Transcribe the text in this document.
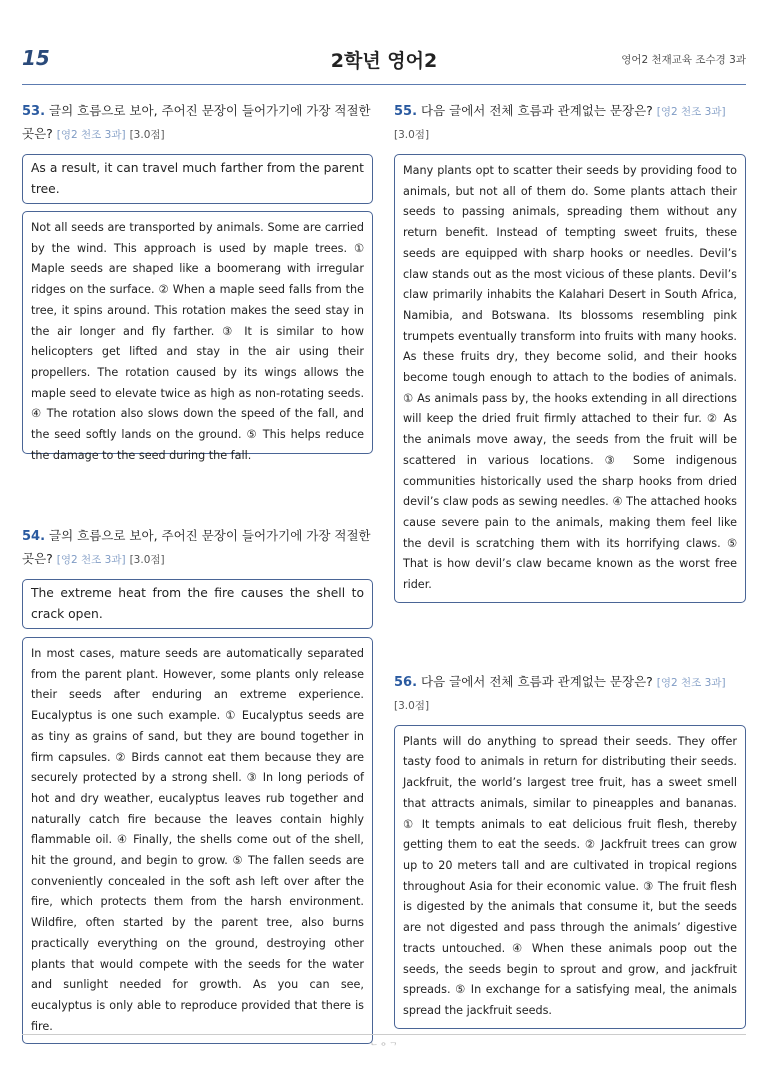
15	2학년 영어2	영어2 천재교육 조수경 3과
53. 글의 흐름으로 보아, 주어진 문장이 들어가기에 가장 적절한 곳은? [영2 천조 3과] [3.0점]
As a result, it can travel much farther from the parent tree.
Not all seeds are transported by animals. Some are carried by the wind. This approach is used by maple trees. ① Maple seeds are shaped like a boomerang with irregular ridges on the surface. ② When a maple seed falls from the tree, it spins around. This rotation makes the seed stay in the air longer and fly farther. ③ It is similar to how helicopters get lifted and stay in the air using their propellers. The rotation caused by its wings allows the maple seed to elevate twice as high as non-rotating seeds. ④ The rotation also slows down the speed of the fall, and the seed softly lands on the ground. ⑤ This helps reduce the damage to the seed during the fall.
54. 글의 흐름으로 보아, 주어진 문장이 들어가기에 가장 적절한 곳은? [영2 천조 3과] [3.0점]
The extreme heat from the fire causes the shell to crack open.
In most cases, mature seeds are automatically separated from the parent plant. However, some plants only release their seeds after enduring an extreme experience. Eucalyptus is one such example. ① Eucalyptus seeds are as tiny as grains of sand, but they are bound together in firm capsules. ② Birds cannot eat them because they are securely protected by a strong shell. ③ In long periods of hot and dry weather, eucalyptus leaves rub together and naturally catch fire because the leaves contain highly flammable oil. ④ Finally, the shells come out of the shell, hit the ground, and begin to grow. ⑤ The fallen seeds are conveniently concealed in the soft ash left over after the fire, which protects them from the harsh environment. Wildfire, often started by the parent tree, also burns practically everything on the ground, destroying other plants that would compete with the seeds for the water and sunlight needed for growth. As you can see, eucalyptus is only able to reproduce provided that there is fire.
55. 다음 글에서 전체 흐름과 관계없는 문장은? [영2 천조 3과] [3.0점]
Many plants opt to scatter their seeds by providing food to animals, but not all of them do. Some plants attach their seeds to passing animals, spreading them without any return benefit. Instead of tempting sweet fruits, these seeds are equipped with sharp hooks or needles. Devil’s claw stands out as the most vicious of these plants. Devil’s claw primarily inhabits the Kalahari Desert in South Africa, Namibia, and Botswana. Its blossoms resembling pink trumpets eventually transform into fruits with many hooks. As these fruits dry, they become solid, and their hooks become tough enough to attach to the bodies of animals. ① As animals pass by, the hooks extending in all directions will keep the dried fruit firmly attached to their fur. ② As the animals move away, the seeds from the fruit will be scattered in various locations. ③ Some indigenous communities historically used the sharp hooks from dried devil’s claw pods as sewing needles. ④ The attached hooks cause severe pain to the animals, making them feel like the devil is scratching them with its horrifying claws. ⑤ That is how devil’s claw became known as the worst free rider.
56. 다음 글에서 전체 흐름과 관계없는 문장은? [영2 천조 3과] [3.0점]
Plants will do anything to spread their seeds. They offer tasty food to animals in return for distributing their seeds. Jackfruit, the world’s largest tree fruit, has a sweet smell that attracts animals, similar to pineapples and bananas. ① It tempts animals to eat delicious fruit flesh, thereby getting them to eat the seeds. ② Jackfruit trees can grow up to 20 meters tall and are cultivated in tropical regions throughout Asia for their economic value. ③ The fruit flesh is digested by the animals that consume it, but the seeds are not digested and pass through the animals’ digestive tracts untouched. ④ When these animals poop out the seeds, the seeds begin to sprout and grow, and jackfruit spreads. ⑤ In exchange for a satisfying meal, the animals spread the jackfruit seeds.
ᄂᄋᄀ
